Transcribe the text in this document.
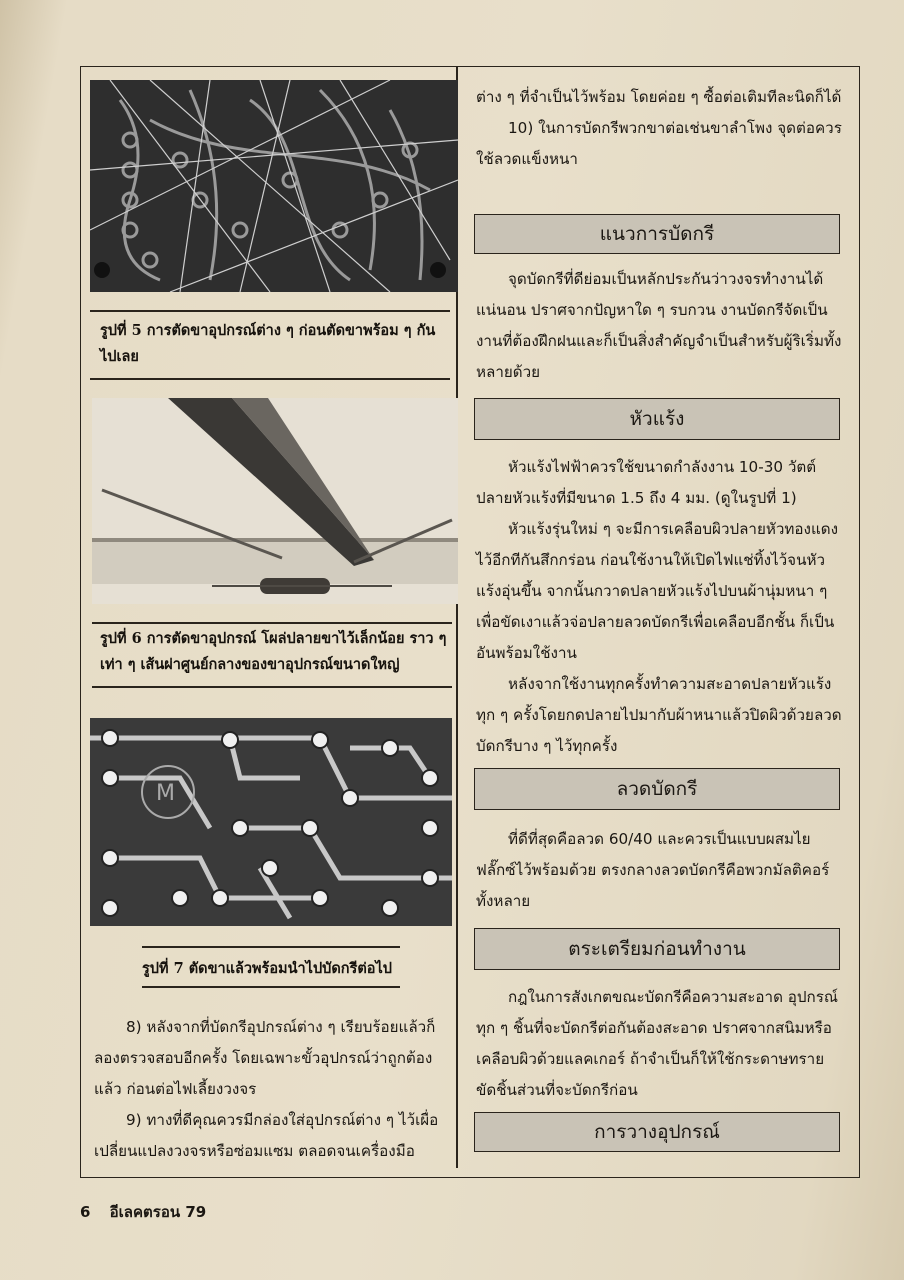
รูปที่ 5 การตัดขาอุปกรณ์ต่าง ๆ ก่อนตัดขาพร้อม ๆ กันไปเลย
รูปที่ 6 การตัดขาอุปกรณ์ โผล่ปลายขาไว้เล็กน้อย ราว ๆ เท่า ๆ เส้นผ่าศูนย์กลางของขาอุปกรณ์ขนาดใหญ่
M
รูปที่ 7 ตัดขาแล้วพร้อมนำไปบัดกรีต่อไป

8) หลังจากที่บัดกรีอุปกรณ์ต่าง ๆ เรียบร้อยแล้วก็ลองตรวจสอบอีกครั้ง โดยเฉพาะขั้วอุปกรณ์ว่าถูกต้องแล้ว ก่อนต่อไฟเลี้ยงวงจร

9) ทางที่ดีคุณควรมีกล่องใส่อุปกรณ์ต่าง ๆ ไว้เผื่อเปลี่ยนแปลงวงจรหรือซ่อมแซม ตลอดจนเครื่องมือ

ต่าง ๆ ที่จำเป็นไว้พร้อม โดยค่อย ๆ ซื้อต่อเติมทีละนิดก็ได้

10) ในการบัดกรีพวกขาต่อเช่นขาลำโพง จุดต่อควรใช้ลวดแข็งหนา

แนวการบัดกรี

จุดบัดกรีที่ดีย่อมเป็นหลักประกันว่าวงจรทำงานได้แน่นอน ปราศจากปัญหาใด ๆ รบกวน งานบัดกรีจัดเป็นงานที่ต้องฝึกฝนและก็เป็นสิ่งสำคัญจำเป็นสำหรับผู้ริเริ่มทั้งหลายด้วย

หัวแร้ง

หัวแร้งไฟฟ้าควรใช้ขนาดกำลังงาน 10-30 วัตต์ ปลายหัวแร้งที่มีขนาด 1.5 ถึง 4 มม. (ดูในรูปที่ 1)

หัวแร้งรุ่นใหม่ ๆ จะมีการเคลือบผิวปลายหัวทองแดงไว้อีกทีกันสึกกร่อน ก่อนใช้งานให้เปิดไฟแช่ทิ้งไว้จนหัวแร้งอุ่นขึ้น จากนั้นกวาดปลายหัวแร้งไปบนผ้านุ่มหนา ๆ เพื่อขัดเงาแล้วจ่อปลายลวดบัดกรีเพื่อเคลือบอีกชั้น ก็เป็นอันพร้อมใช้งาน

หลังจากใช้งานทุกครั้งทำความสะอาดปลายหัวแร้งทุก ๆ ครั้งโดยกดปลายไปมากับผ้าหนาแล้วปิดผิวด้วยลวดบัดกรีบาง ๆ ไว้ทุกครั้ง

ลวดบัดกรี

ที่ดีที่สุดคือลวด 60/40 และควรเป็นแบบผสมไยฟลั๊กซ์ไว้พร้อมด้วย ตรงกลางลวดบัดกรีคือพวกมัลติคอร์ทั้งหลาย

ตระเตรียมก่อนทำงาน

กฎในการสังเกตขณะบัดกรีคือความสะอาด อุปกรณ์ทุก ๆ ชิ้นที่จะบัดกรีต่อกันต้องสะอาด ปราศจากสนิมหรือเคลือบผิวด้วยแลคเกอร์ ถ้าจำเป็นก็ให้ใช้กระดาษทรายขัดชิ้นส่วนที่จะบัดกรีก่อน

การวางอุปกรณ์
6 อีเลคตรอน 79
